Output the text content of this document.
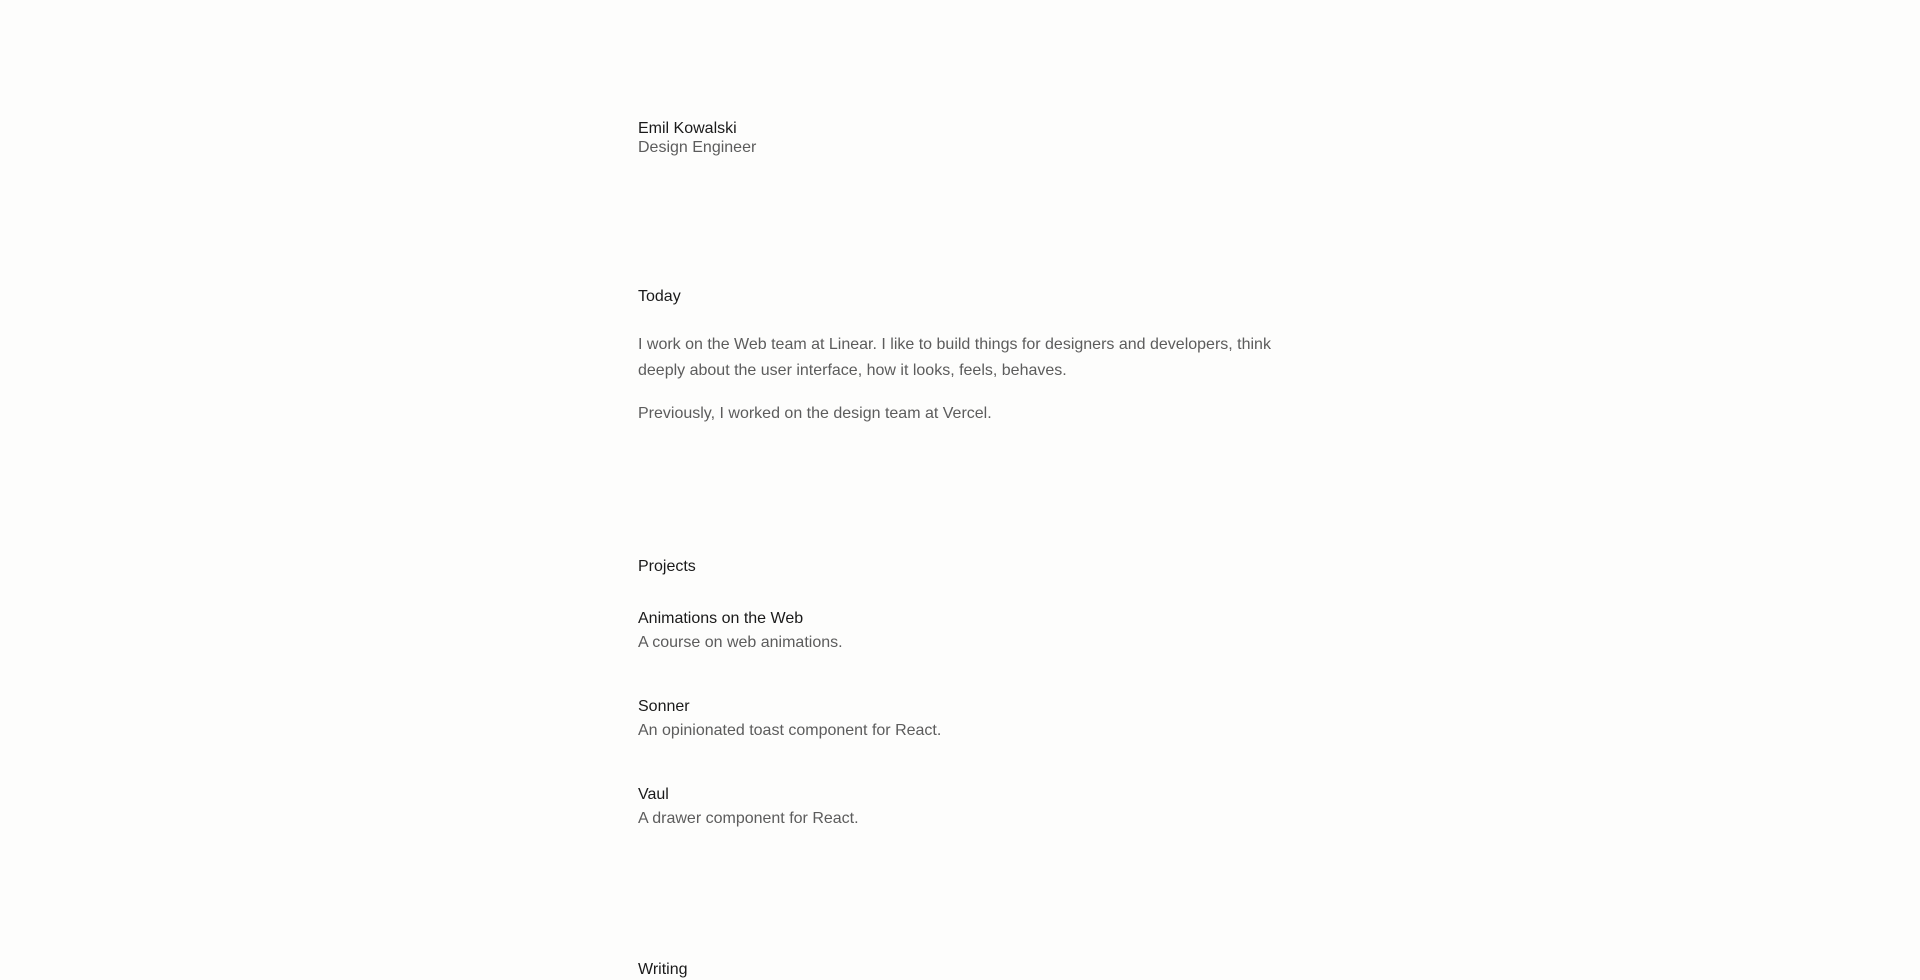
Emil Kowalski
Design Engineer
Today

I work on the Web team at Linear. I like to build things for designers and developers, think deeply about the user interface, how it looks, feels, behaves.

Previously, I worked on the design team at Vercel.

Projects
Animations on the Web
A course on web animations.
Sonner
An opinionated toast component for React.
Vaul
A drawer component for React.
Writing
